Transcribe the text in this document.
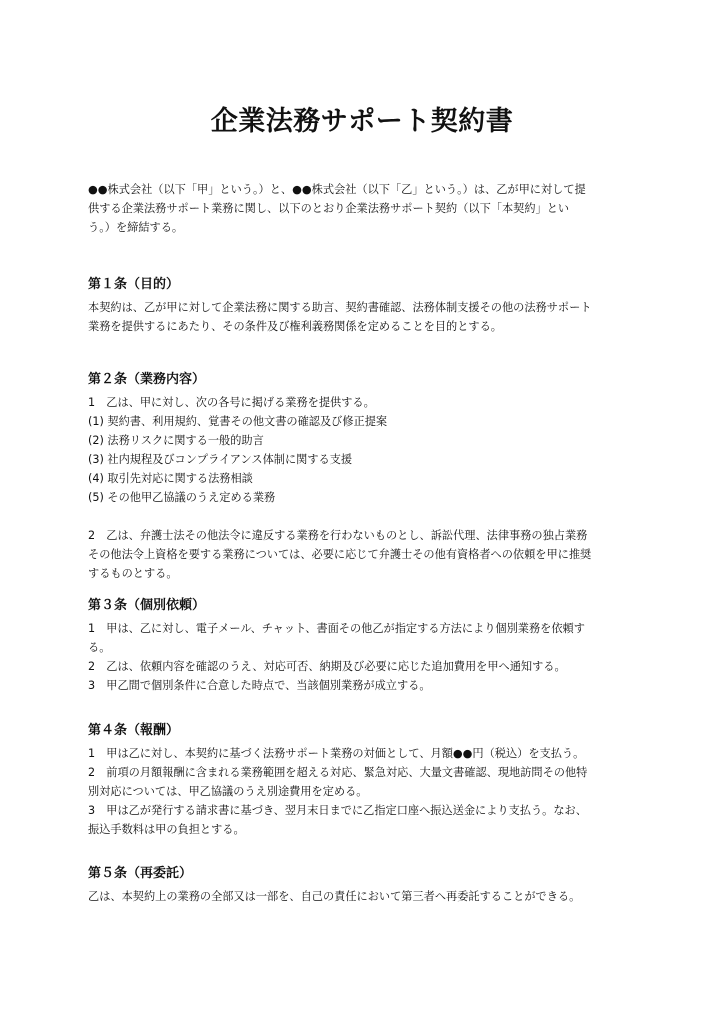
企業法務サポート契約書
●●株式会社（以下「甲」という。）と、●●株式会社（以下「乙」という。）は、乙が甲に対して提
供する企業法務サポート業務に関し、以下のとおり企業法務サポート契約（以下「本契約」とい
う。）を締結する。
第１条（目的）
本契約は、乙が甲に対して企業法務に関する助言、契約書確認、法務体制支援その他の法務サポート
業務を提供するにあたり、その条件及び権利義務関係を定めることを目的とする。
第２条（業務内容）
1　乙は、甲に対し、次の各号に掲げる業務を提供する。
(1) 契約書、利用規約、覚書その他文書の確認及び修正提案
(2) 法務リスクに関する一般的助言
(3) 社内規程及びコンプライアンス体制に関する支援
(4) 取引先対応に関する法務相談
(5) その他甲乙協議のうえ定める業務
2　乙は、弁護士法その他法令に違反する業務を行わないものとし、訴訟代理、法律事務の独占業務
その他法令上資格を要する業務については、必要に応じて弁護士その他有資格者への依頼を甲に推奨
するものとする。
第３条（個別依頼）
1　甲は、乙に対し、電子メール、チャット、書面その他乙が指定する方法により個別業務を依頼す
る。
2　乙は、依頼内容を確認のうえ、対応可否、納期及び必要に応じた追加費用を甲へ通知する。
3　甲乙間で個別条件に合意した時点で、当該個別業務が成立する。
第４条（報酬）
1　甲は乙に対し、本契約に基づく法務サポート業務の対価として、月額●●円（税込）を支払う。
2　前項の月額報酬に含まれる業務範囲を超える対応、緊急対応、大量文書確認、現地訪問その他特
別対応については、甲乙協議のうえ別途費用を定める。
3　甲は乙が発行する請求書に基づき、翌月末日までに乙指定口座へ振込送金により支払う。なお、
振込手数料は甲の負担とする。
第５条（再委託）
乙は、本契約上の業務の全部又は一部を、自己の責任において第三者へ再委託することができる。
